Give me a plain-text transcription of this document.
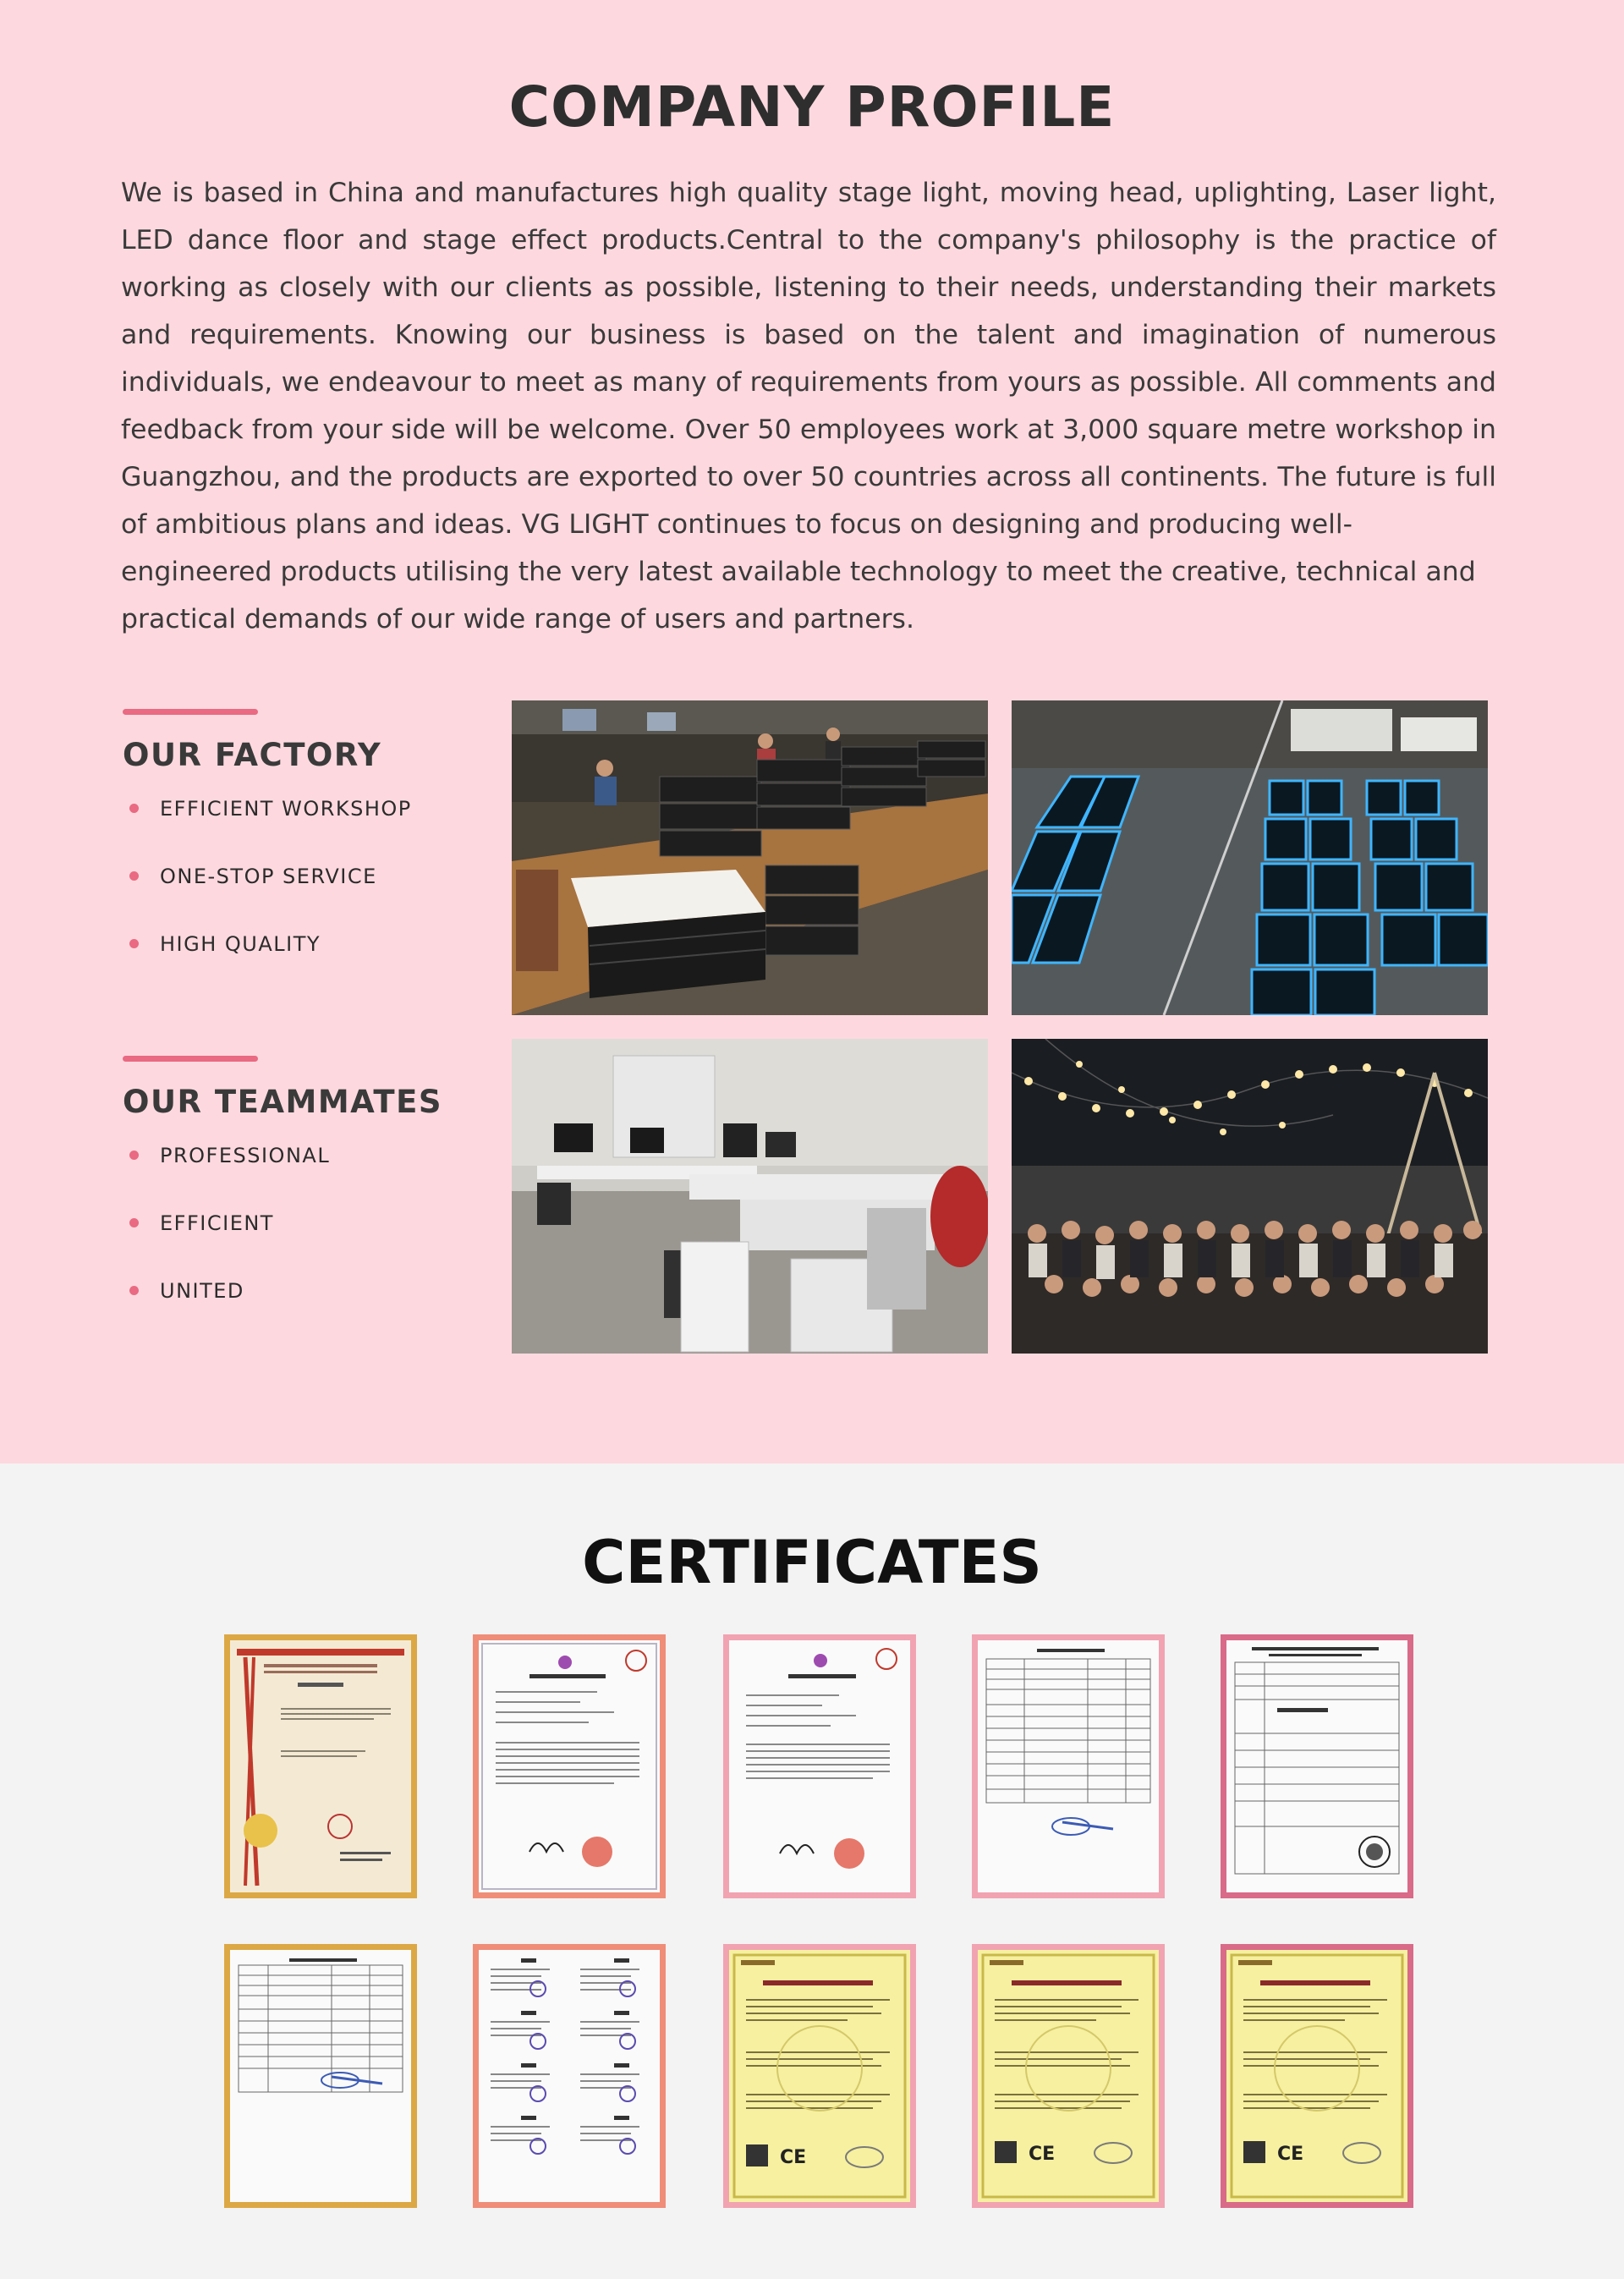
COMPANY PROFILE

We is based in China and manufactures high quality stage light, moving head, uplighting, Laser light, LED dance floor and stage effect products.Central to the company's philosophy is the practice of working as closely with our clients as possible, listening to their needs, understanding their markets and requirements. Knowing our business is based on the talent and imagination of numerous individuals, we endeavour to meet as many of requirements from yours as possible. All comments and feedback from your side will be welcome. Over 50 employees work at 3,000 square metre workshop in Guangzhou, and the products are exported to over 50 countries across all continents. The future is full of ambitious plans and ideas. VG LIGHT continues to focus on designing and producing well-

engineered products utilising the very latest available technology to meet the creative, technical and practical demands of our wide range of users and partners.

OUR FACTORY
EFFICIENT WORKSHOP
ONE-STOP SERVICE
HIGH QUALITY
OUR TEAMMATES
PROFESSIONAL
EFFICIENT
UNITED
CERTIFICATES
CE	CE	CE
